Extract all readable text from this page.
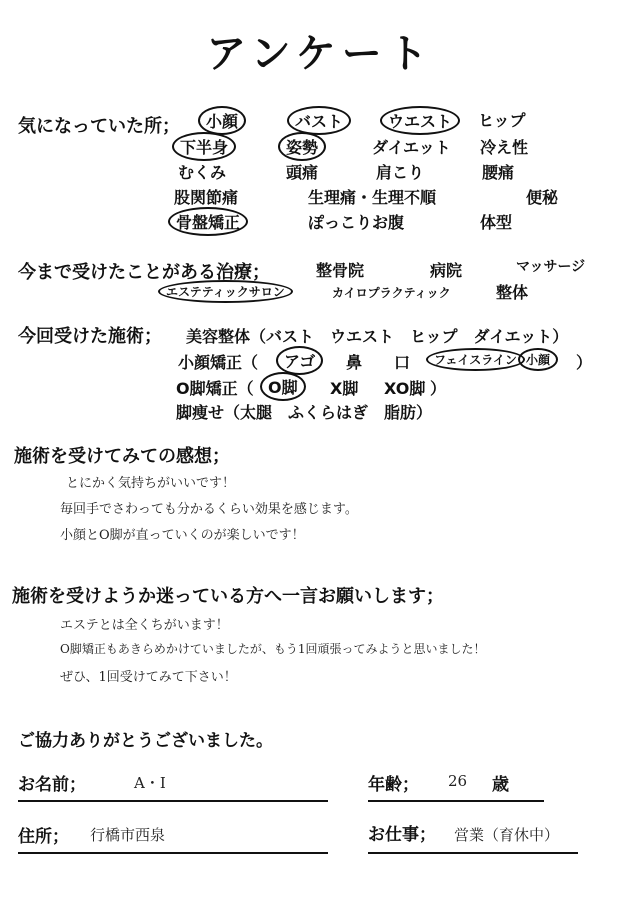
アンケート
気になっていた所；	小顔	バスト	ウエスト	ヒップ
下半身	姿勢	ダイエット 冷え性
むくみ	頭痛	肩こり	腰痛
股関節痛	生理痛・生理不順	便秘
骨盤矯正	ぽっこりお腹	体型
今まで受けたことがある治療；	整骨院	病院	マッサージ
エステティックサロン	カイロプラクティック	整体
今回受けた施術； 美容整体（バスト　ウエスト　ヒップ　ダイエット）
小顔矯正（	アゴ	鼻 口	フェイスライン 小顔	）
O脚矯正（ O脚	X脚 XO脚 ）
脚痩せ（太腿　ふくらはぎ　脂肪）
施術を受けてみての感想；
とにかく気持ちがいいです！
毎回手でさわっても分かるくらい効果を感じます。
小顔とO脚が直っていくのが楽しいです！
施術を受けようか迷っている方へ一言お願いします；
エステとは全くちがいます！
O脚矯正もあきらめかけていましたが、もう1回頑張ってみようと思いました！
ぜひ、1回受けてみて下さい！
ご協力ありがとうございました。
お名前；	A・I	年齢； 26 歳
住所； 行橋市西泉	お仕事； 営業（育休中）
